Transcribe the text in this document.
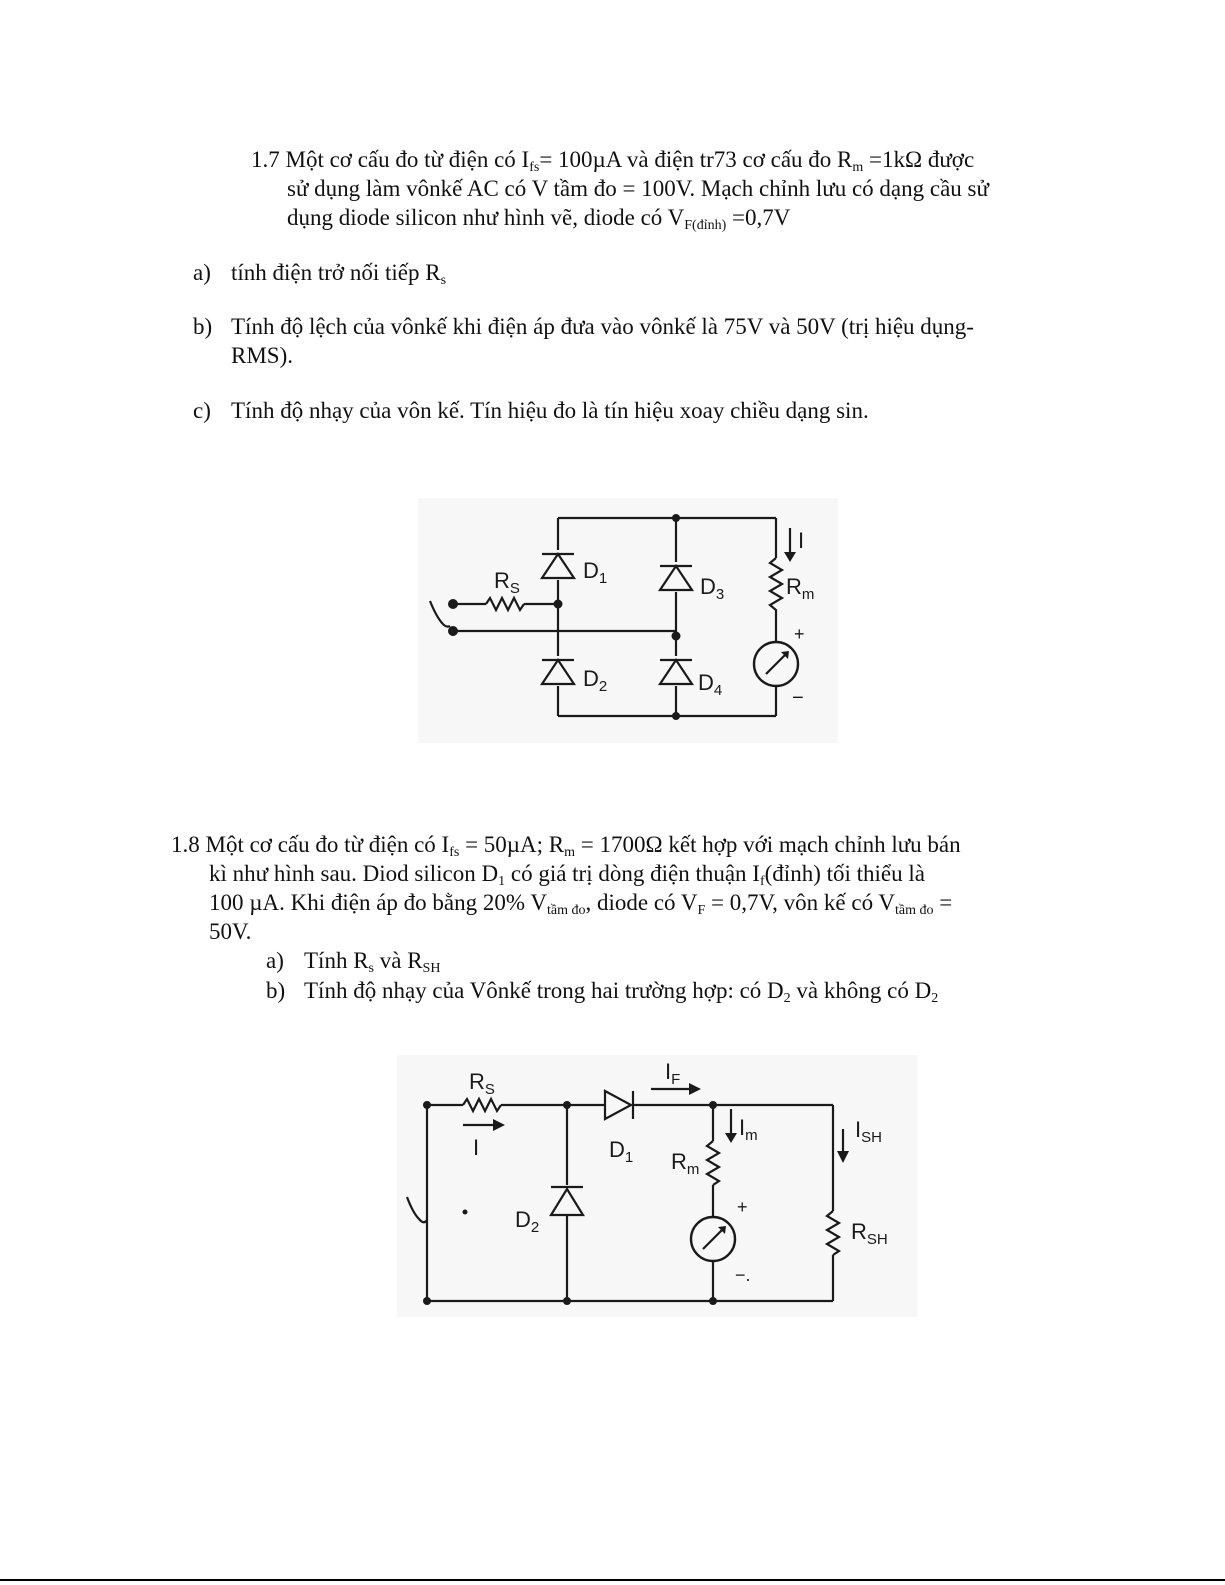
1.7 Một cơ cấu đo từ điện có $I_{fs}= 100\mu A$ và điện tr73 cơ cấu đo $R_m =1k\Omega$ được
sử dụng làm vônkế AC có V tầm đo = 100V. Mạch chỉnh lưu có dạng cầu sử
dụng diode silicon như hình vẽ, diode có $V_{F(đỉnh)} =0,7V$
a) tính điện trở nối tiếp $R_s$
b) Tính độ lệch của vônkế khi điện áp đưa vào vônkế là 75V và 50V (trị hiệu dụng-
RMS).
c) Tính độ nhạy của vôn kế. Tín hiệu đo là tín hiệu xoay chiều dạng sin.
$R_S$
$D_1$
$D_2$
$D_3$
$D_4$
I
$R_m$
+
−
1.8 Một cơ cấu đo từ điện có $I_{fs} = 50\mu A$; $R_m = 1700\Omega$ kết hợp với mạch chỉnh lưu bán
kì như hình sau. Diod silicon $D_1$ có giá trị dòng điện thuận $I_f(đỉnh)$ tối thiểu là
100 µA. Khi điện áp đo bằng 20% $V_{tầm đo}$, diode có $V_F = 0,7V$, vôn kế có $V_{tầm đo}$ =
50V.
a) Tính $R_s$ và $R_{SH}$
b) Tính độ nhạy của Vônkế trong hai trường hợp: có $D_2$ và không có $D_2$
$R_S$
I
$I_F$
$D_1$
$D_2$
$I_m$
$R_m$
+
−.
$I_{SH}$
$R_{SH}$
